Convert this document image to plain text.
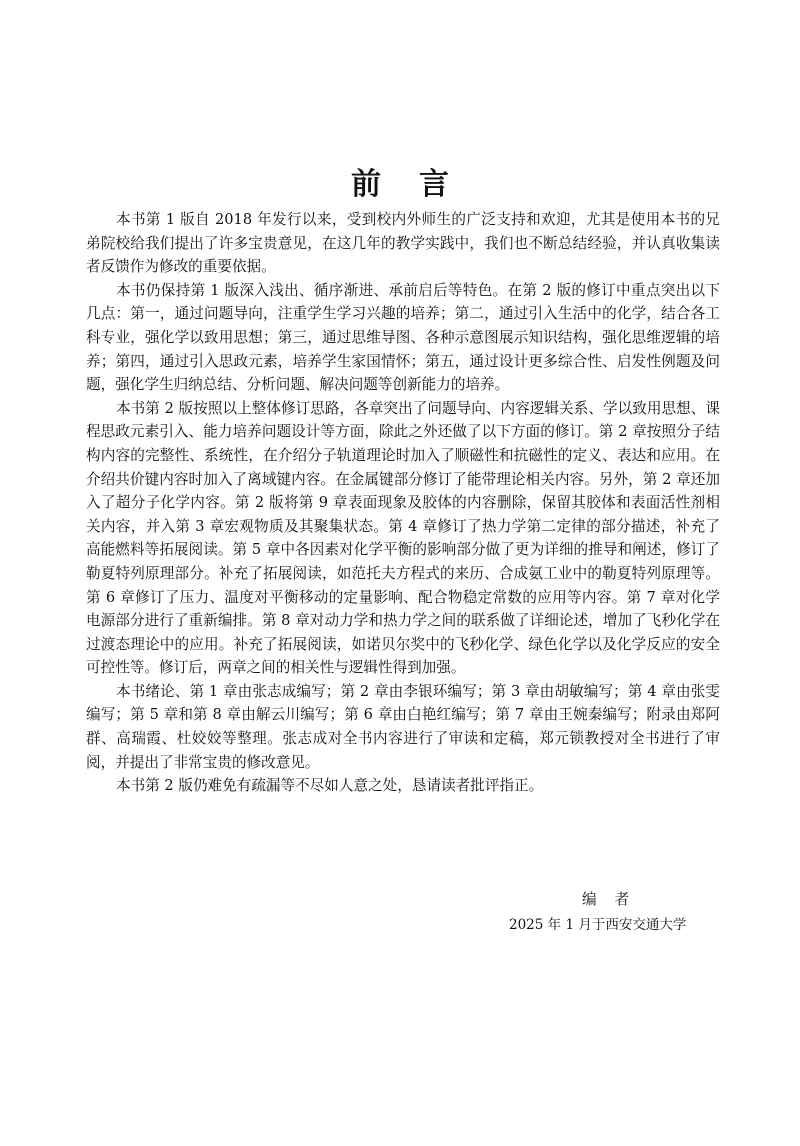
前言

本书第 1 版自 2018 年发行以来，受到校内外师生的广泛支持和欢迎，尤其是使用本书的兄弟院校给我们提出了许多宝贵意见，在这几年的教学实践中，我们也不断总结经验，并认真收集读者反馈作为修改的重要依据。

本书仍保持第 1 版深入浅出、循序渐进、承前启后等特色。在第 2 版的修订中重点突出以下几点：第一，通过问题导向，注重学生学习兴趣的培养；第二，通过引入生活中的化学，结合各工科专业，强化学以致用思想；第三，通过思维导图、各种示意图展示知识结构，强化思维逻辑的培养；第四，通过引入思政元素，培养学生家国情怀；第五，通过设计更多综合性、启发性例题及问题，强化学生归纳总结、分析问题、解决问题等创新能力的培养。

本书第 2 版按照以上整体修订思路，各章突出了问题导向、内容逻辑关系、学以致用思想、课程思政元素引入、能力培养问题设计等方面，除此之外还做了以下方面的修订。第 2 章按照分子结构内容的完整性、系统性，在介绍分子轨道理论时加入了顺磁性和抗磁性的定义、表达和应用。在介绍共价键内容时加入了离域键内容。在金属键部分修订了能带理论相关内容。另外，第 2 章还加入了超分子化学内容。第 2 版将第 9 章表面现象及胶体的内容删除，保留其胶体和表面活性剂相关内容，并入第 3 章宏观物质及其聚集状态。第 4 章修订了热力学第二定律的部分描述，补充了高能燃料等拓展阅读。第 5 章中各因素对化学平衡的影响部分做了更为详细的推导和阐述，修订了勒夏特列原理部分。补充了拓展阅读，如范托夫方程式的来历、合成氨工业中的勒夏特列原理等。第 6 章修订了压力、温度对平衡移动的定量影响、配合物稳定常数的应用等内容。第 7 章对化学电源部分进行了重新编排。第 8 章对动力学和热力学之间的联系做了详细论述，增加了飞秒化学在过渡态理论中的应用。补充了拓展阅读，如诺贝尔奖中的飞秒化学、绿色化学以及化学反应的安全可控性等。修订后，两章之间的相关性与逻辑性得到加强。

本书绪论、第 1 章由张志成编写；第 2 章由李银环编写；第 3 章由胡敏编写；第 4 章由张雯编写；第 5 章和第 8 章由解云川编写；第 6 章由白艳红编写；第 7 章由王婉秦编写；附录由郑阿群、高瑞霞、杜姣姣等整理。张志成对全书内容进行了审读和定稿，郑元锁教授对全书进行了审阅，并提出了非常宝贵的修改意见。

本书第 2 版仍难免有疏漏等不尽如人意之处，恳请读者批评指正。

编者
2025 年 1 月于西安交通大学
